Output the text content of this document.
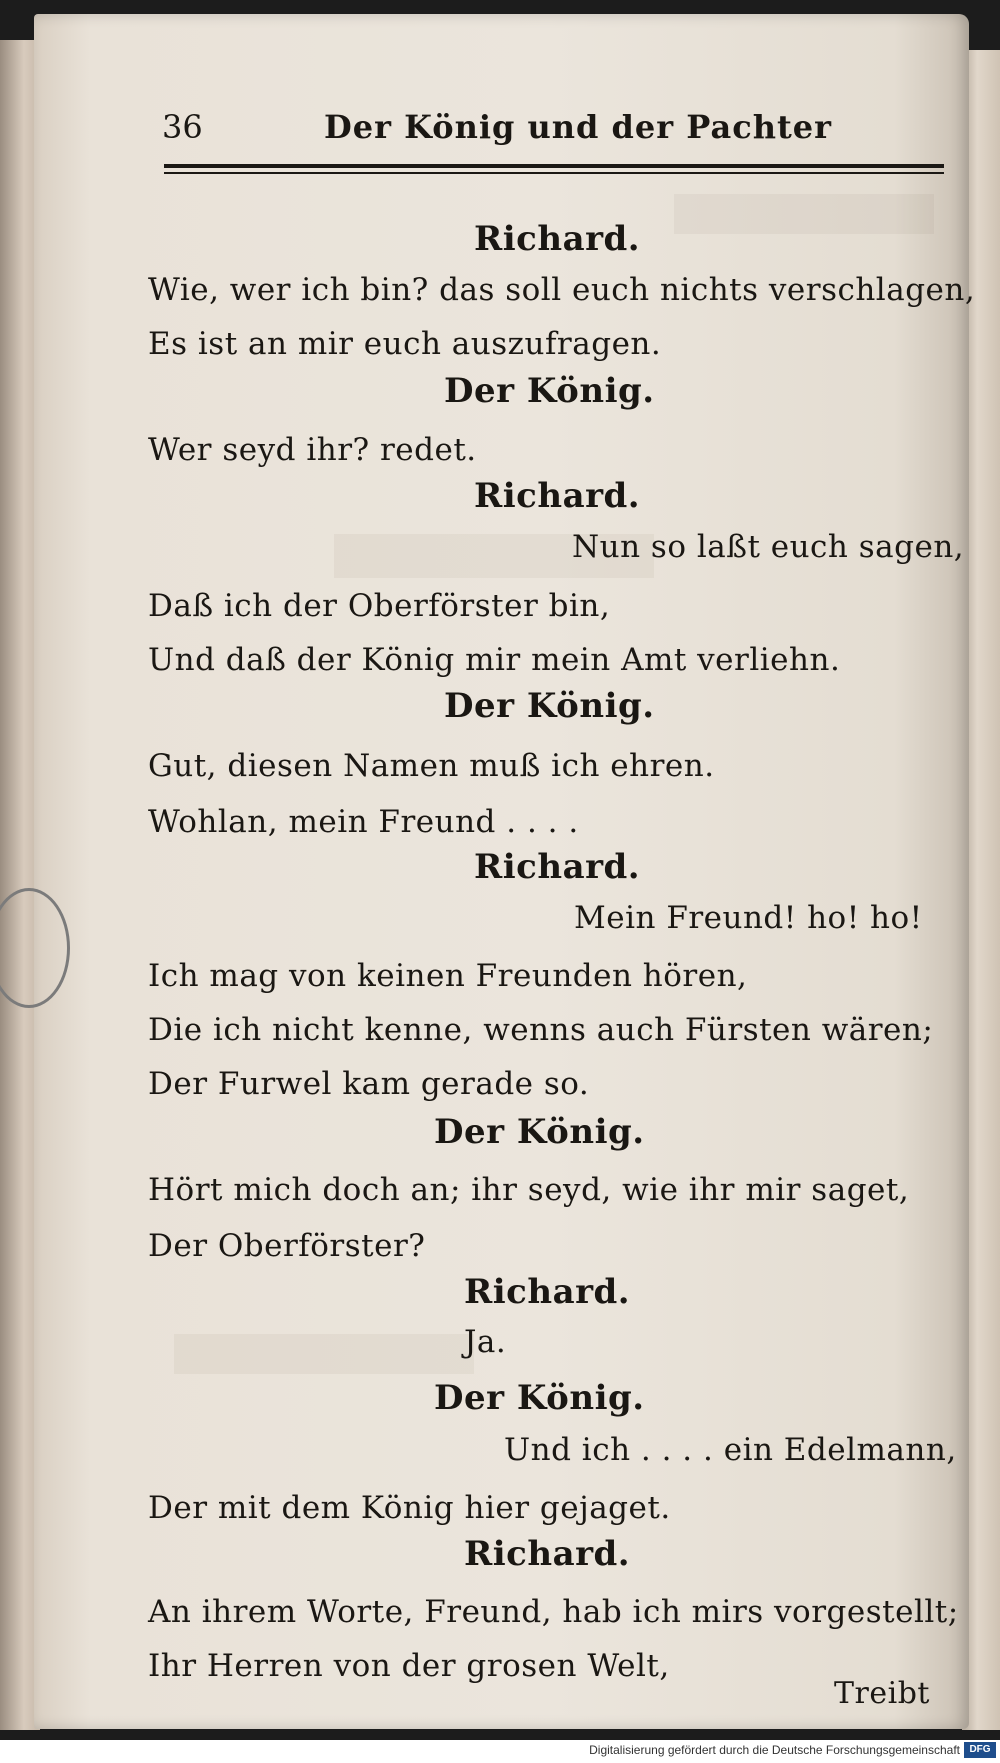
36	Der König und der Pachter
Richard.
Wie, wer ich bin? das soll euch nichts verschlagen,
Es ist an mir euch auszufragen.
Der König.
Wer seyd ihr? redet.
Richard.
Nun so laßt euch sagen,
Daß ich der Oberförster bin,
Und daß der König mir mein Amt verliehn.
Der König.
Gut, diesen Namen muß ich ehren.
Wohlan, mein Freund . . . .
Richard.
Mein Freund! ho! ho!
Ich mag von keinen Freunden hören,
Die ich nicht kenne, wenns auch Fürsten wären;
Der Furwel kam gerade so.
Der König.
Hört mich doch an; ihr seyd, wie ihr mir saget,
Der Oberförster?
Richard.
Ja.
Der König.
Und ich . . . . ein Edelmann,
Der mit dem König hier gejaget.
Richard.
An ihrem Worte, Freund, hab ich mirs vorgestellt;
Ihr Herren von der grosen Welt,
Treibt
Digitalisierung gefördert durch die Deutsche Forschungsgemeinschaft DFG
